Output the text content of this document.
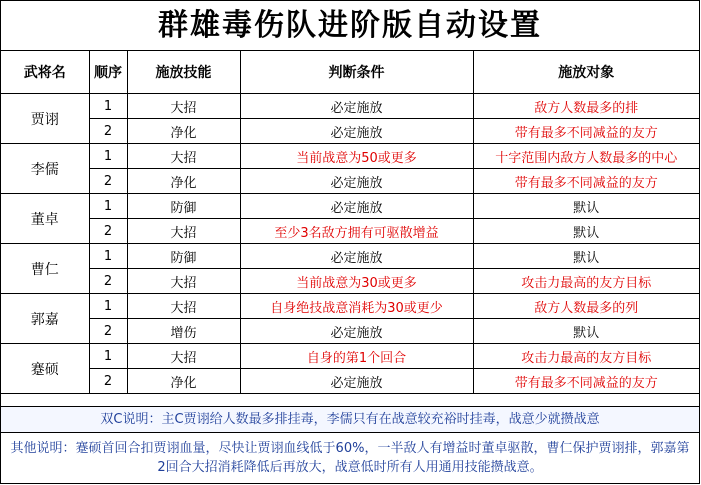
群雄毒伤队进阶版自动设置
武将名	顺序	施放技能	判断条件	施放对象
贾诩	1	大招	必定施放	敌方人数最多的排
	2	净化	必定施放	带有最多不同减益的友方
李儒	1	大招	当前战意为50或更多	十字范围内敌方人数最多的中心
	2	净化	必定施放	带有最多不同减益的友方
董卓	1	防御	必定施放	默认
	2	大招	至少3名敌方拥有可驱散增益	默认
曹仁	1	防御	必定施放	默认
	2	大招	当前战意为30或更多	攻击力最高的友方目标
郭嘉	1	大招	自身绝技战意消耗为30或更少	敌方人数最多的列
	2	增伤	必定施放	默认
蹇硕	1	大招	自身的第1个回合	攻击力最高的友方目标
	2	净化	必定施放	带有最多不同减益的友方
双C说明：主C贾诩给人数最多排挂毒，李儒只有在战意较充裕时挂毒，战意少就攒战意
其他说明：蹇硕首回合扣贾诩血量，尽快让贾诩血线低于60%，一半敌人有增益时董卓驱散，曹仁保护贾诩排，郭嘉第2回合大招消耗降低后再放大，战意低时所有人用通用技能攒战意。
